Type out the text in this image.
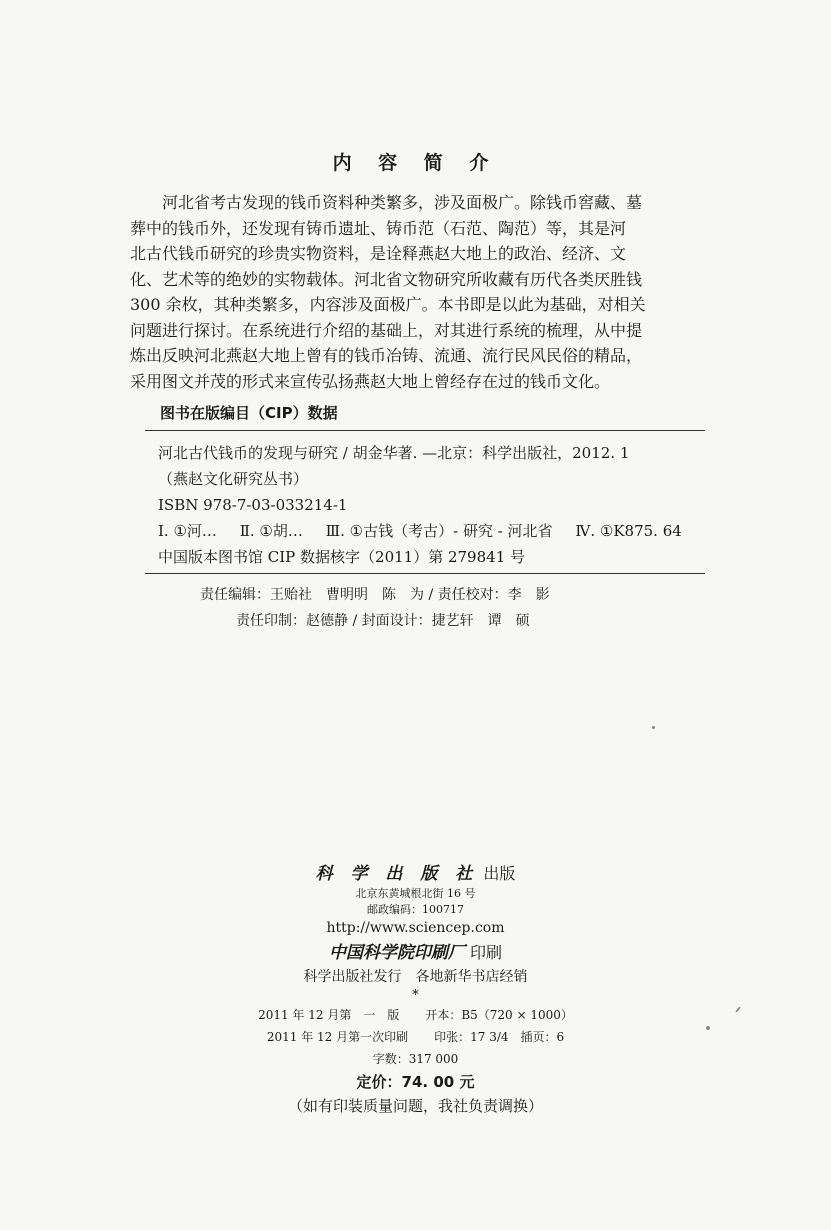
内 容 简 介
　　河北省考古发现的钱币资料种类繁多，涉及面极广。除钱币窖藏、墓
葬中的钱币外，还发现有铸币遗址、铸币范（石范、陶范）等，其是河
北古代钱币研究的珍贵实物资料，是诠释燕赵大地上的政治、经济、文
化、艺术等的绝妙的实物载体。河北省文物研究所收藏有历代各类厌胜钱
300 余枚，其种类繁多，内容涉及面极广。本书即是以此为基础，对相关
问题进行探讨。在系统进行介绍的基础上，对其进行系统的梳理，从中提
炼出反映河北燕赵大地上曾有的钱币冶铸、流通、流行民风民俗的精品，
采用图文并茂的形式来宣传弘扬燕赵大地上曾经存在过的钱币文化。
图书在版编目（CIP）数据
河北古代钱币的发现与研究 / 胡金华著. —北京：科学出版社，2012. 1
（燕赵文化研究丛书）
ISBN 978-7-03-033214-1
Ⅰ. ①河… Ⅱ. ①胡… Ⅲ. ①古钱（考古）- 研究 - 河北省 Ⅳ. ①K875. 64
中国版本图书馆 CIP 数据核字（2011）第 279841 号
责任编辑：王贻社　曹明明　陈　为 / 责任校对：李　影
责任印制：赵德静 / 封面设计：捷艺轩　谭　硕
科 学 出 版 社 出版
北京东黄城根北街 16 号
邮政编码：100717
http://www.sciencep.com
中国科学院印刷厂 印刷
科学出版社发行　各地新华书店经销
*
2011 年 12 月第　一　版 开本：B5（720 × 1000）
2011 年 12 月第一次印刷 印张：17 3/4　插页：6
字数：317 000
定价：74. 00 元
（如有印装质量问题，我社负责调换）
